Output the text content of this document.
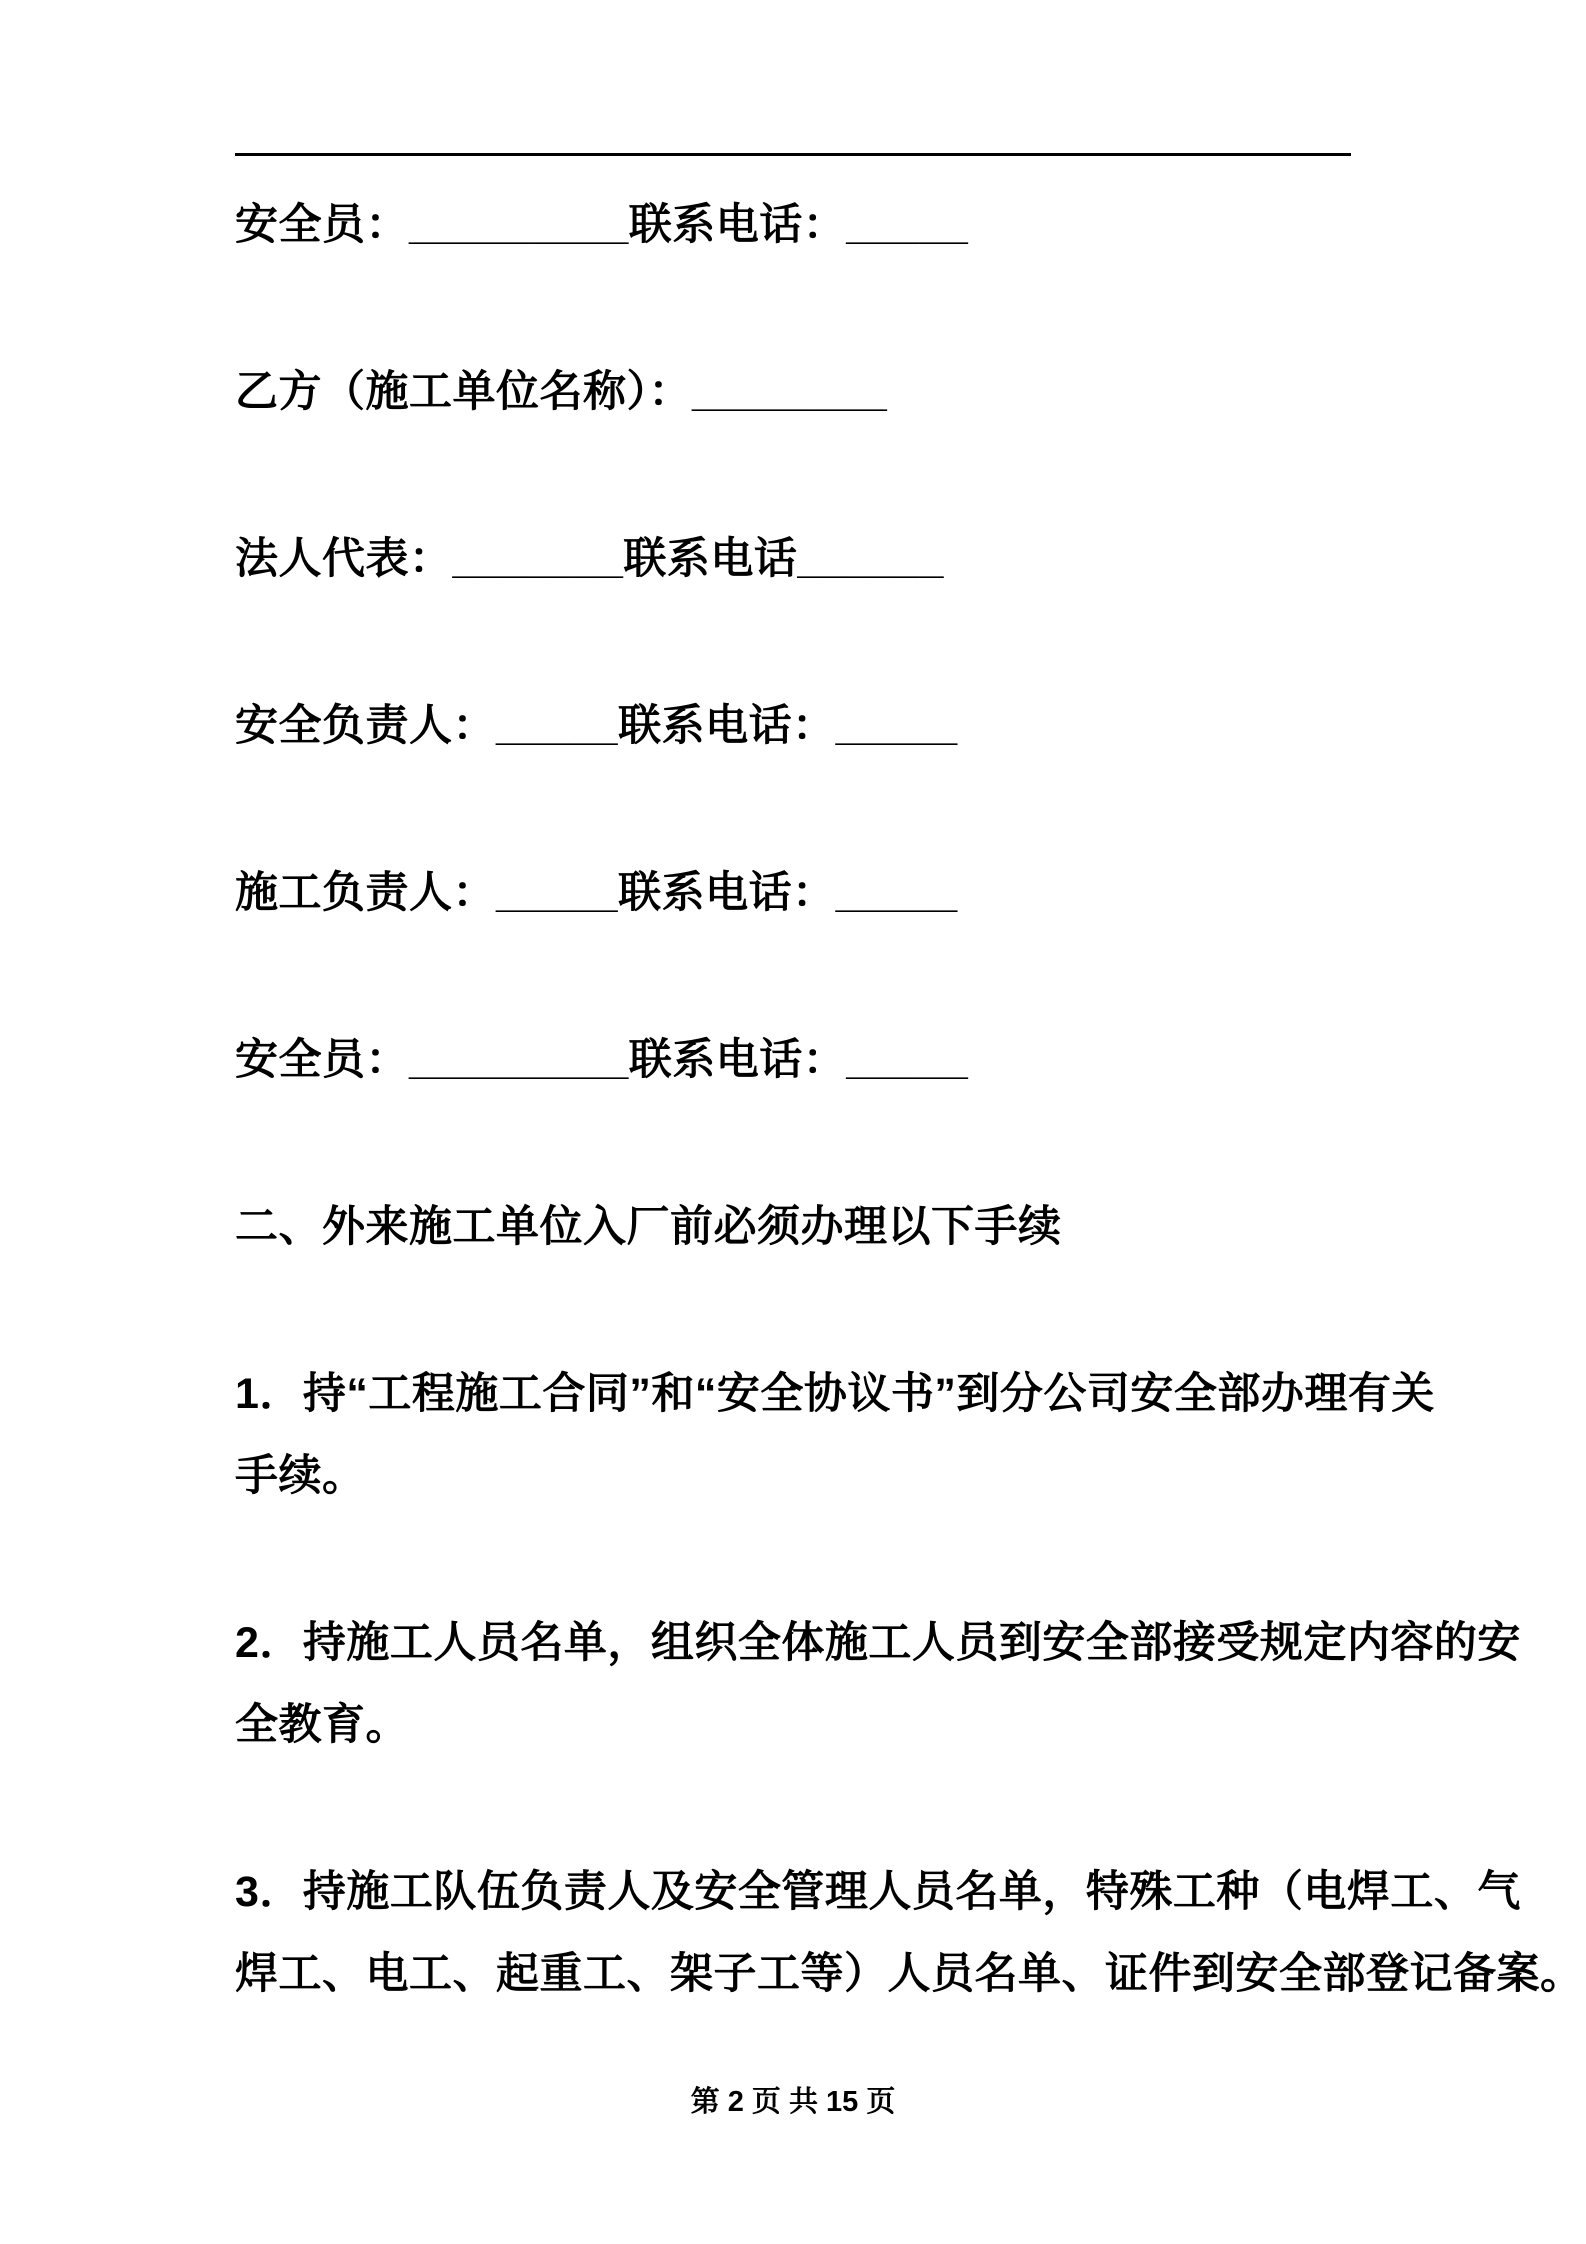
安全员：_________联系电话：_____
乙方（施工单位名称）：________
法人代表：_______联系电话______
安全负责人：_____联系电话：_____
施工负责人：_____联系电话：_____
安全员：_________联系电话：_____
二、外来施工单位入厂前必须办理以下手续
1．持“工程施工合同”和“安全协议书”到分公司安全部办理有关
手续。
2．持施工人员名单，组织全体施工人员到安全部接受规定内容的安
全教育。
3．持施工队伍负责人及安全管理人员名单，特殊工种（电焊工、气
焊工、电工、起重工、架子工等）人员名单、证件到安全部登记备案。
第 2 页 共 15 页
